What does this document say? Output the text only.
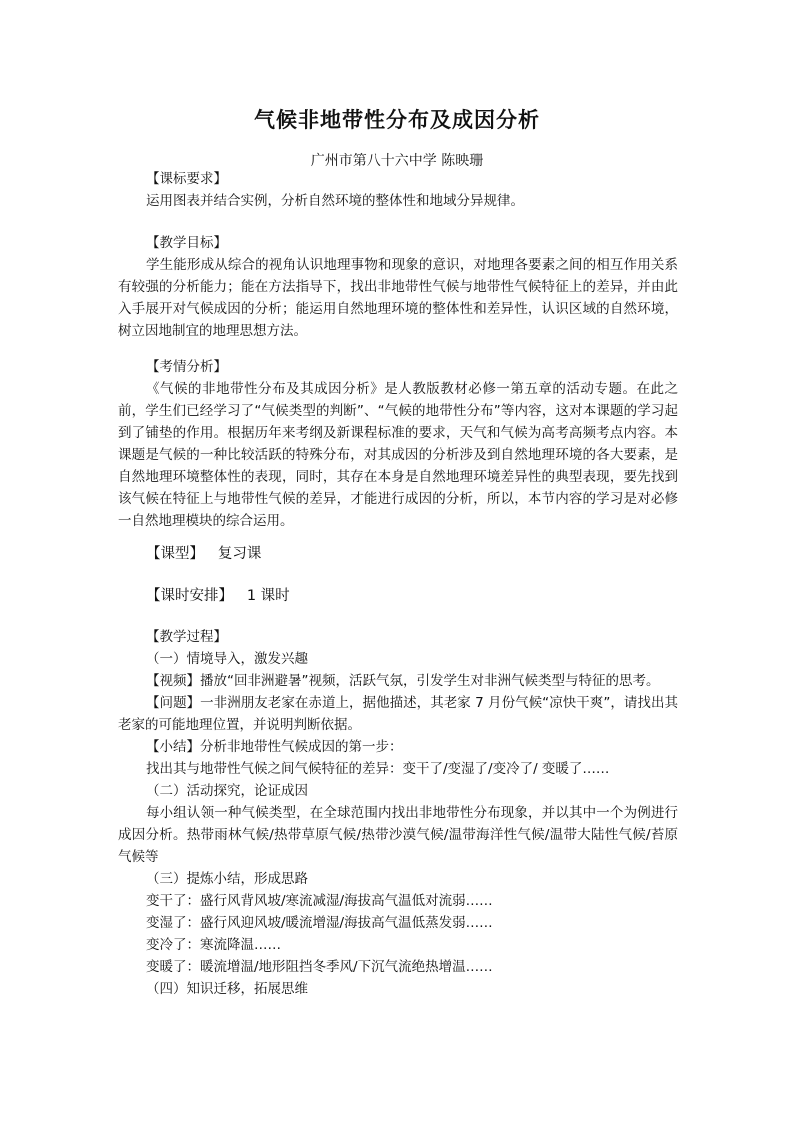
气候非地带性分布及成因分析
广州市第八十六中学 陈映珊
【课标要求】
运用图表并结合实例，分析自然环境的整体性和地域分异规律。
【教学目标】
学生能形成从综合的视角认识地理事物和现象的意识，对地理各要素之间的相互作用关系有较强的分析能力；能在方法指导下，找出非地带性气候与地带性气候特征上的差异，并由此入手展开对气候成因的分析；能运用自然地理环境的整体性和差异性，认识区域的自然环境，树立因地制宜的地理思想方法。
【考情分析】
《气候的非地带性分布及其成因分析》是人教版教材必修一第五章的活动专题。在此之前，学生们已经学习了“气候类型的判断”、“气候的地带性分布”等内容，这对本课题的学习起到了铺垫的作用。根据历年来考纲及新课程标准的要求，天气和气候为高考高频考点内容。本课题是气候的一种比较活跃的特殊分布，对其成因的分析涉及到自然地理环境的各大要素，是自然地理环境整体性的表现，同时，其存在本身是自然地理环境差异性的典型表现，要先找到该气候在特征上与地带性气候的差异，才能进行成因的分析，所以，本节内容的学习是对必修一自然地理模块的综合运用。
【课型】 复习课
【课时安排】 1 课时
【教学过程】
（一）情境导入，激发兴趣
【视频】播放“回非洲避暑”视频，活跃气氛，引发学生对非洲气候类型与特征的思考。
【问题】一非洲朋友老家在赤道上，据他描述，其老家 7 月份气候“凉快干爽”，请找出其老家的可能地理位置，并说明判断依据。
【小结】分析非地带性气候成因的第一步：
找出其与地带性气候之间气候特征的差异：变干了/变湿了/变冷了/ 变暖了……
（二）活动探究，论证成因
每小组认领一种气候类型，在全球范围内找出非地带性分布现象，并以其中一个为例进行成因分析。热带雨林气候/热带草原气候/热带沙漠气候/温带海洋性气候/温带大陆性气候/苔原气候等
（三）提炼小结，形成思路
变干了：盛行风背风坡/寒流减湿/海拔高气温低对流弱……
变湿了：盛行风迎风坡/暖流增湿/海拔高气温低蒸发弱……
变冷了：寒流降温……
变暖了：暖流增温/地形阻挡冬季风/下沉气流绝热增温……
（四）知识迁移，拓展思维
